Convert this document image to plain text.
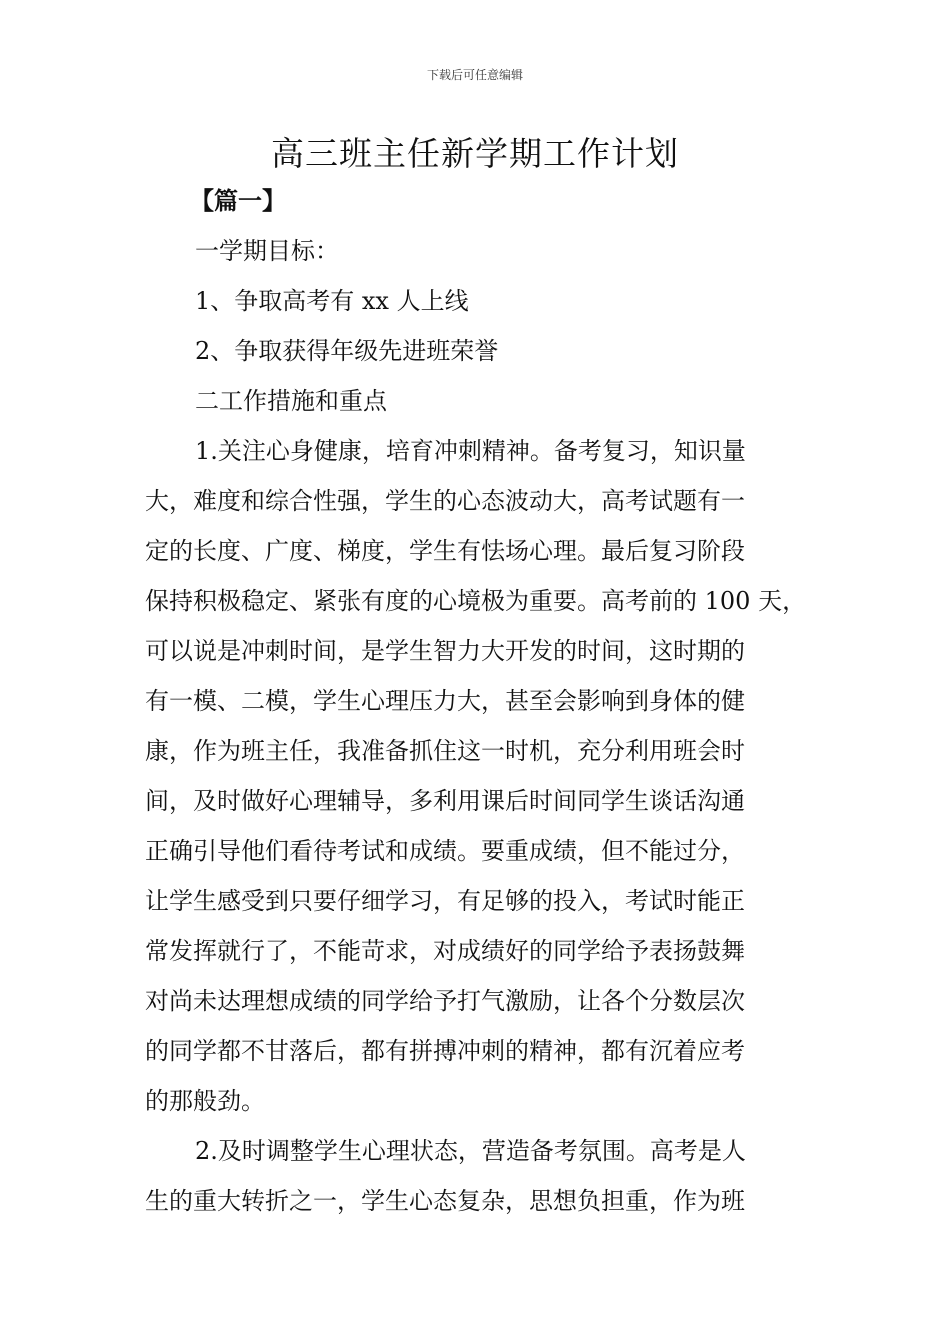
下载后可任意编辑
高三班主任新学期工作计划
【篇一】
一学期目标：
1、争取高考有 xx 人上线
2、争取获得年级先进班荣誉
二工作措施和重点
1.关注心身健康，培育冲刺精神。备考复习，知识量
大，难度和综合性强，学生的心态波动大，高考试题有一
定的长度、广度、梯度，学生有怯场心理。最后复习阶段
保持积极稳定、紧张有度的心境极为重要。高考前的 100 天，
可以说是冲刺时间，是学生智力大开发的时间，这时期的
有一模、二模，学生心理压力大，甚至会影响到身体的健
康，作为班主任，我准备抓住这一时机，充分利用班会时
间，及时做好心理辅导，多利用课后时间同学生谈话沟通
正确引导他们看待考试和成绩。要重成绩，但不能过分，
让学生感受到只要仔细学习，有足够的投入，考试时能正
常发挥就行了，不能苛求，对成绩好的同学给予表扬鼓舞
对尚未达理想成绩的同学给予打气激励，让各个分数层次
的同学都不甘落后，都有拼搏冲刺的精神，都有沉着应考
的那般劲。
2.及时调整学生心理状态，营造备考氛围。高考是人
生的重大转折之一，学生心态复杂，思想负担重，作为班
